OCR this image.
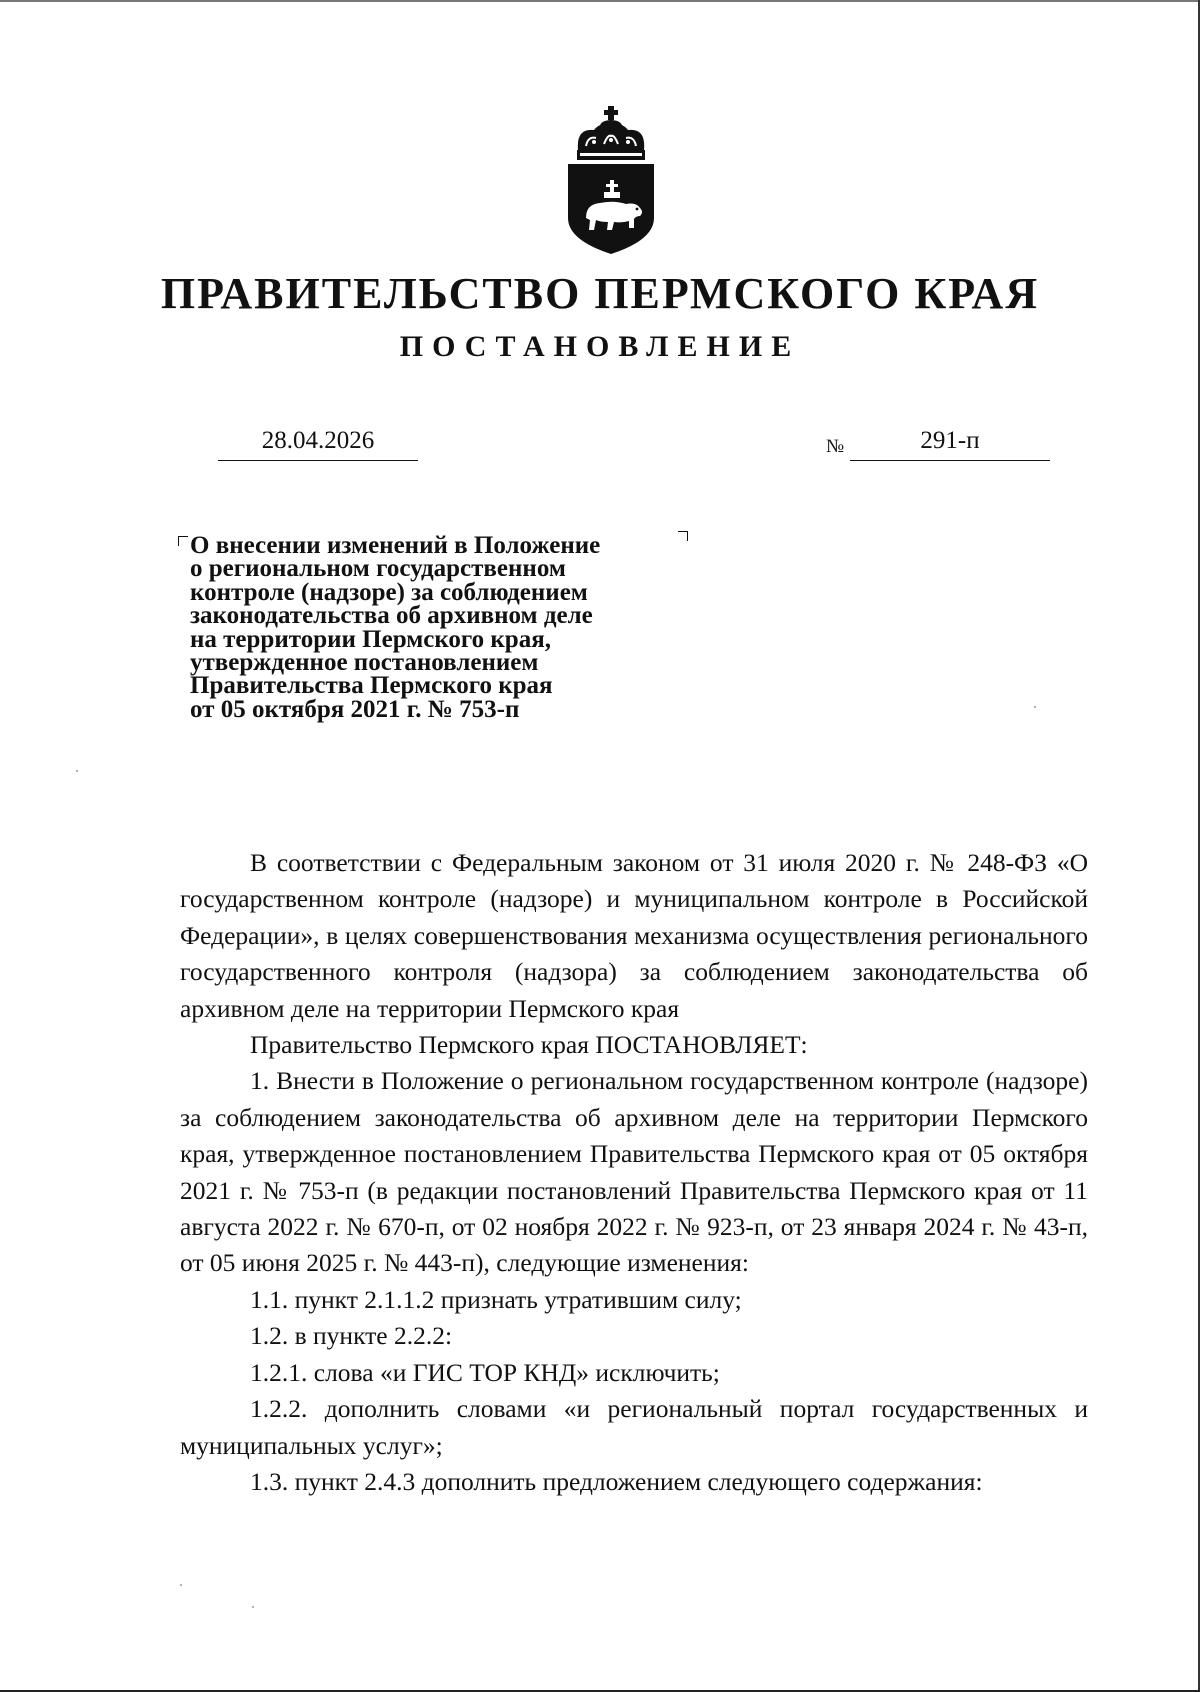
ПРАВИТЕЛЬСТВО ПЕРМСКОГО КРАЯ
ПОСТАНОВЛЕНИЕ
28.04.2026	№	291-п
О внесении изменений в Положение
о региональном государственном
контроле (надзоре) за соблюдением
законодательства об архивном деле
на территории Пермского края,
утвержденное постановлением
Правительства Пермского края
от 05 октября 2021 г. № 753-п

В соответствии с Федеральным законом от 31 июля 2020 г. № 248-ФЗ «О государственном контроле (надзоре) и муниципальном контроле в Российской Федерации», в целях совершенствования механизма осуществления регионального государственного контроля (надзора) за соблюдением законодательства об архивном деле на территории Пермского края

Правительство Пермского края ПОСТАНОВЛЯЕТ:

1. Внести в Положение о региональном государственном контроле (надзоре) за соблюдением законодательства об архивном деле на территории Пермского края, утвержденное постановлением Правительства Пермского края от 05 октября 2021 г. № 753-п (в редакции постановлений Правительства Пермского края от 11 августа 2022 г. № 670-п, от 02 ноября 2022 г. № 923-п, от 23 января 2024 г. № 43-п, от 05 июня 2025 г. № 443-п), следующие изменения:

1.1. пункт 2.1.1.2 признать утратившим силу;

1.2. в пункте 2.2.2:

1.2.1. слова «и ГИС ТОР КНД» исключить;

1.2.2. дополнить словами «и региональный портал государственных и муниципальных услуг»;

1.3. пункт 2.4.3 дополнить предложением следующего содержания:
